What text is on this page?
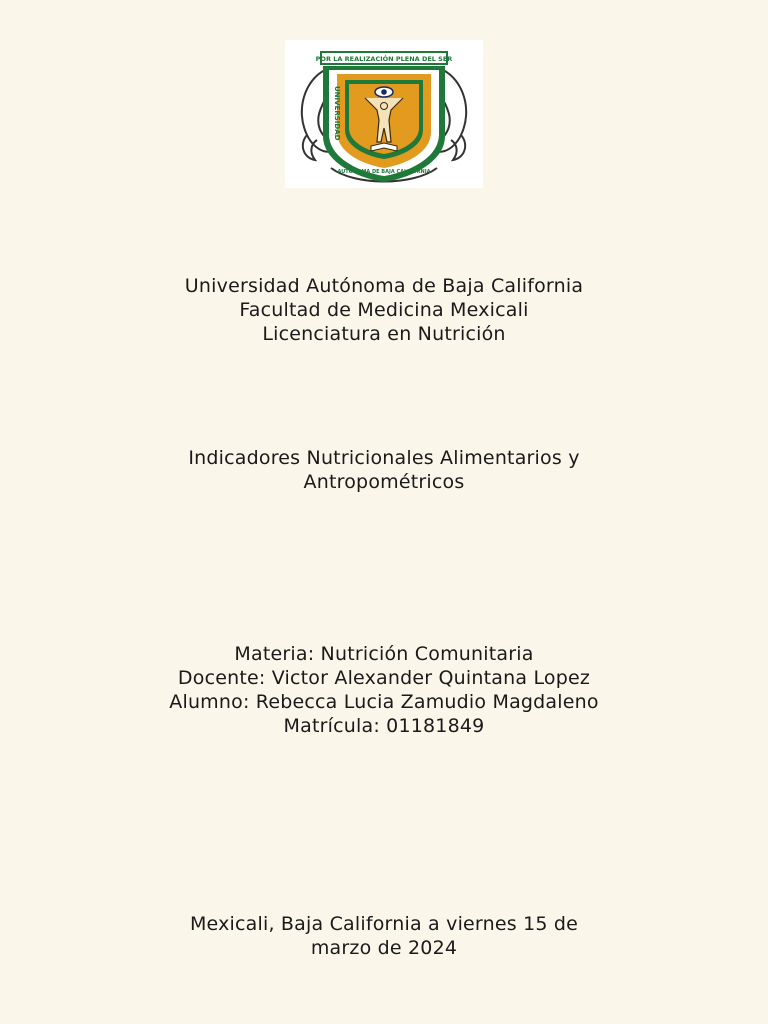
POR LA REALIZACIÓN PLENA DEL SER
UNIVERSIDAD
AUTÓNOMA DE BAJA CALIFORNIA
Universidad Autónoma de Baja California
Facultad de Medicina Mexicali
Licenciatura en Nutrición
Indicadores Nutricionales Alimentarios y
Antropométricos
Materia: Nutrición Comunitaria
Docente: Victor Alexander Quintana Lopez
Alumno: Rebecca Lucia Zamudio Magdaleno
Matrícula: 01181849
Mexicali, Baja California a viernes 15 de
marzo de 2024
